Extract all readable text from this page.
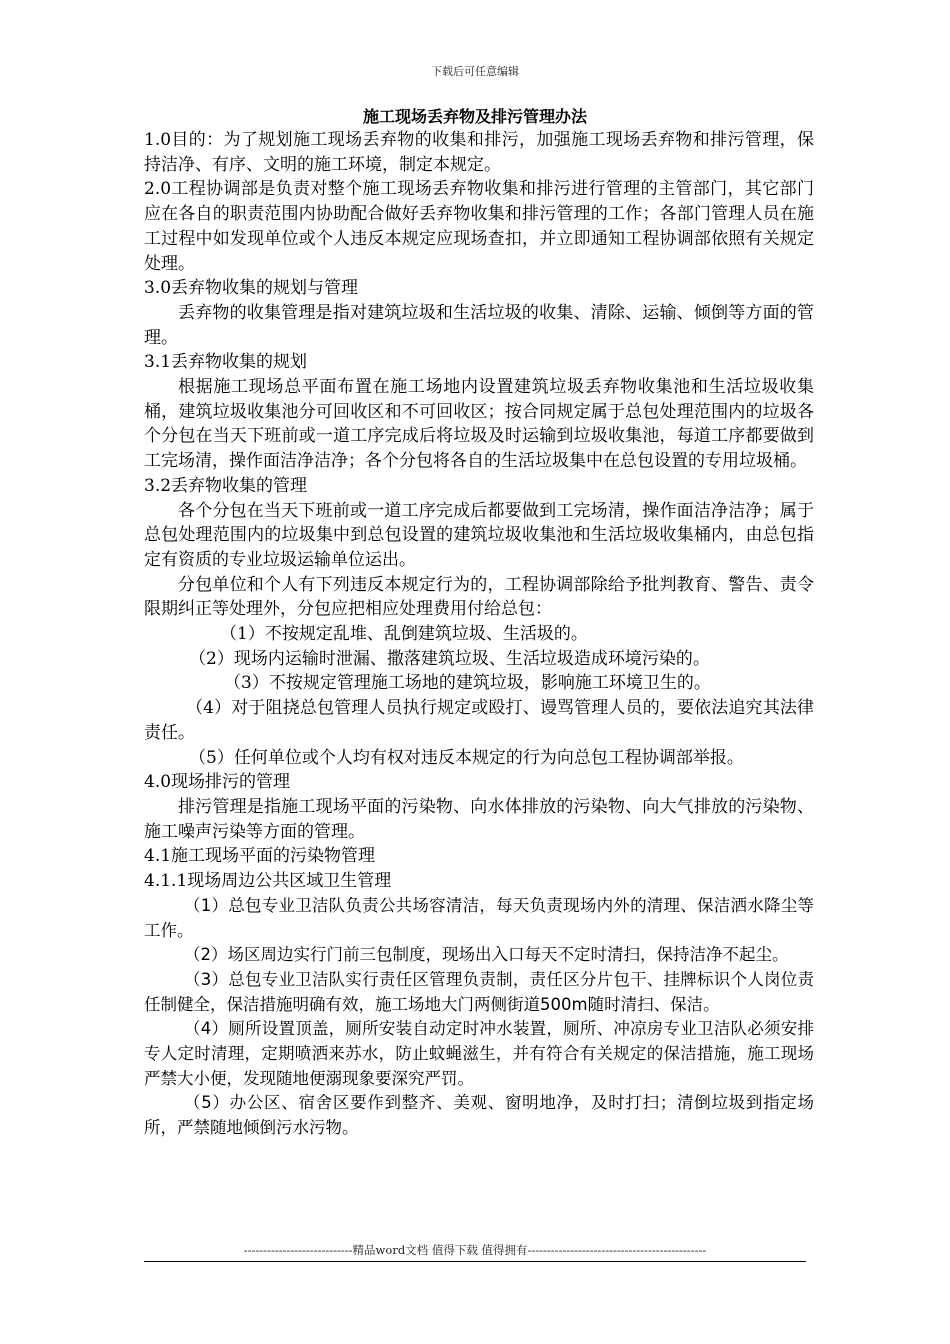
下载后可任意编辑
施工现场丢弃物及排污管理办法

1.0目的：为了规划施工现场丢弃物的收集和排污，加强施工现场丢弃物和排污管理，保持洁净、有序、文明的施工环境，制定本规定。

2.0工程协调部是负责对整个施工现场丢弃物收集和排污进行管理的主管部门，其它部门应在各自的职责范围内协助配合做好丢弃物收集和排污管理的工作；各部门管理人员在施工过程中如发现单位或个人违反本规定应现场查扣，并立即通知工程协调部依照有关规定处理。

3.0丢弃物收集的规划与管理

丢弃物的收集管理是指对建筑垃圾和生活垃圾的收集、清除、运输、倾倒等方面的管理。

3.1丢弃物收集的规划

根据施工现场总平面布置在施工场地内设置建筑垃圾丢弃物收集池和生活垃圾收集桶，建筑垃圾收集池分可回收区和不可回收区；按合同规定属于总包处理范围内的垃圾各个分包在当天下班前或一道工序完成后将垃圾及时运输到垃圾收集池，每道工序都要做到工完场清，操作面洁净洁净；各个分包将各自的生活垃圾集中在总包设置的专用垃圾桶。

3.2丢弃物收集的管理

各个分包在当天下班前或一道工序完成后都要做到工完场清，操作面洁净洁净；属于总包处理范围内的垃圾集中到总包设置的建筑垃圾收集池和生活垃圾收集桶内，由总包指定有资质的专业垃圾运输单位运出。

分包单位和个人有下列违反本规定行为的，工程协调部除给予批判教育、警告、责令限期纠正等处理外，分包应把相应处理费用付给总包：

（1）不按规定乱堆、乱倒建筑垃圾、生活圾的。

（2）现场内运输时泄漏、撒落建筑垃圾、生活垃圾造成环境污染的。

（3）不按规定管理施工场地的建筑垃圾，影响施工环境卫生的。

（4）对于阻挠总包管理人员执行规定或殴打、谩骂管理人员的，要依法追究其法律责任。

（5）任何单位或个人均有权对违反本规定的行为向总包工程协调部举报。

4.0现场排污的管理

排污管理是指施工现场平面的污染物、向水体排放的污染物、向大气排放的污染物、施工噪声污染等方面的管理。

4.1施工现场平面的污染物管理

4.1.1现场周边公共区域卫生管理

（1）总包专业卫洁队负责公共场容清洁，每天负责现场内外的清理、保洁洒水降尘等工作。

（2）场区周边实行门前三包制度，现场出入口每天不定时清扫，保持洁净不起尘。

（3）总包专业卫洁队实行责任区管理负责制，责任区分片包干、挂牌标识个人岗位责任制健全，保洁措施明确有效，施工场地大门两侧街道500m随时清扫、保洁。

（4）厕所设置顶盖，厕所安装自动定时冲水装置，厕所、冲凉房专业卫洁队必须安排专人定时清理，定期喷洒来苏水，防止蚊蝇滋生，并有符合有关规定的保洁措施，施工现场严禁大小便，发现随地便溺现象要深究严罚。

（5）办公区、宿舍区要作到整齐、美观、窗明地净，及时打扫；清倒垃圾到指定场所，严禁随地倾倒污水污物。

----------------------------精品word文档 值得下载 值得拥有----------------------------------------------
